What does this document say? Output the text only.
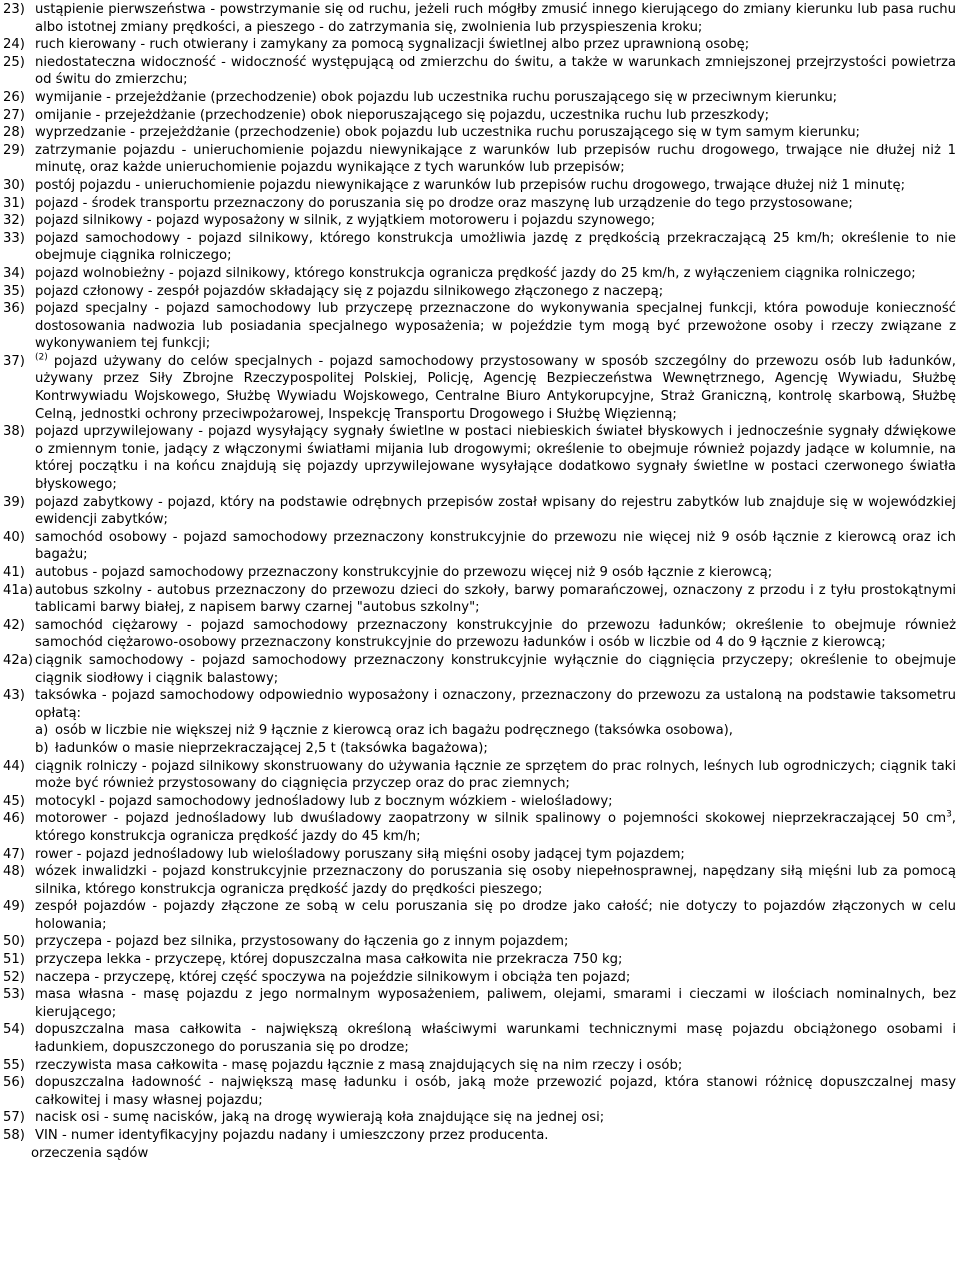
23) ustąpienie pierwszeństwa - powstrzymanie się od ruchu, jeżeli ruch mógłby zmusić innego kierującego do zmiany kierunku lub pasa ruchu albo istotnej zmiany prędkości, a pieszego - do zatrzymania się, zwolnienia lub przyspieszenia kroku;
24) ruch kierowany - ruch otwierany i zamykany za pomocą sygnalizacji świetlnej albo przez uprawnioną osobę;
25) niedostateczna widoczność - widoczność występującą od zmierzchu do świtu, a także w warunkach zmniejszonej przejrzystości powietrza od świtu do zmierzchu;
26) wymijanie - przejeżdżanie (przechodzenie) obok pojazdu lub uczestnika ruchu poruszającego się w przeciwnym kierunku;
27) omijanie - przejeżdżanie (przechodzenie) obok nieporuszającego się pojazdu, uczestnika ruchu lub przeszkody;
28) wyprzedzanie - przejeżdżanie (przechodzenie) obok pojazdu lub uczestnika ruchu poruszającego się w tym samym kierunku;
29) zatrzymanie pojazdu - unieruchomienie pojazdu niewynikające z warunków lub przepisów ruchu drogowego, trwające nie dłużej niż 1 minutę, oraz każde unieruchomienie pojazdu wynikające z tych warunków lub przepisów;
30) postój pojazdu - unieruchomienie pojazdu niewynikające z warunków lub przepisów ruchu drogowego, trwające dłużej niż 1 minutę;
31) pojazd - środek transportu przeznaczony do poruszania się po drodze oraz maszynę lub urządzenie do tego przystosowane;
32) pojazd silnikowy - pojazd wyposażony w silnik, z wyjątkiem motoroweru i pojazdu szynowego;
33) pojazd samochodowy - pojazd silnikowy, którego konstrukcja umożliwia jazdę z prędkością przekraczającą 25 km/h; określenie to nie obejmuje ciągnika rolniczego;
34) pojazd wolnobieżny - pojazd silnikowy, którego konstrukcja ogranicza prędkość jazdy do 25 km/h, z wyłączeniem ciągnika rolniczego;
35) pojazd członowy - zespół pojazdów składający się z pojazdu silnikowego złączonego z naczepą;
36) pojazd specjalny - pojazd samochodowy lub przyczepę przeznaczone do wykonywania specjalnej funkcji, która powoduje konieczność dostosowania nadwozia lub posiadania specjalnego wyposażenia; w pojeździe tym mogą być przewożone osoby i rzeczy związane z wykonywaniem tej funkcji;
37)	$^{(2)}$ pojazd używany do celów specjalnych - pojazd samochodowy przystosowany w sposób szczególny do przewozu osób lub ładunków, używany przez Siły Zbrojne Rzeczypospolitej Polskiej, Policję, Agencję Bezpieczeństwa Wewnętrznego, Agencję Wywiadu, Służbę Kontrwywiadu Wojskowego, Służbę Wywiadu Wojskowego, Centralne Biuro Antykorupcyjne, Straż Graniczną, kontrolę skarbową, Służbę Celną, jednostki ochrony przeciwpożarowej, Inspekcję Transportu Drogowego i Służbę Więzienną;
38) pojazd uprzywilejowany - pojazd wysyłający sygnały świetlne w postaci niebieskich świateł błyskowych i jednocześnie sygnały dźwiękowe o zmiennym tonie, jadący z włączonymi światłami mijania lub drogowymi; określenie to obejmuje również pojazdy jadące w kolumnie, na której początku i na końcu znajdują się pojazdy uprzywilejowane wysyłające dodatkowo sygnały świetlne w postaci czerwonego światła błyskowego;
39) pojazd zabytkowy - pojazd, który na podstawie odrębnych przepisów został wpisany do rejestru zabytków lub znajduje się w wojewódzkiej ewidencji zabytków;
40) samochód osobowy - pojazd samochodowy przeznaczony konstrukcyjnie do przewozu nie więcej niż 9 osób łącznie z kierowcą oraz ich bagażu;
41) autobus - pojazd samochodowy przeznaczony konstrukcyjnie do przewozu więcej niż 9 osób łącznie z kierowcą;
41a) autobus szkolny - autobus przeznaczony do przewozu dzieci do szkoły, barwy pomarańczowej, oznaczony z przodu i z tyłu prostokątnymi tablicami barwy białej, z napisem barwy czarnej "autobus szkolny";
42) samochód ciężarowy - pojazd samochodowy przeznaczony konstrukcyjnie do przewozu ładunków; określenie to obejmuje również samochód ciężarowo-osobowy przeznaczony konstrukcyjnie do przewozu ładunków i osób w liczbie od 4 do 9 łącznie z kierowcą;
42a) ciągnik samochodowy - pojazd samochodowy przeznaczony konstrukcyjnie wyłącznie do ciągnięcia przyczepy; określenie to obejmuje ciągnik siodłowy i ciągnik balastowy;
43) taksówka - pojazd samochodowy odpowiednio wyposażony i oznaczony, przeznaczony do przewozu za ustaloną na podstawie taksometru opłatą:
a) osób w liczbie nie większej niż 9 łącznie z kierowcą oraz ich bagażu podręcznego (taksówka osobowa),
b) ładunków o masie nieprzekraczającej 2,5 t (taksówka bagażowa);
44) ciągnik rolniczy - pojazd silnikowy skonstruowany do używania łącznie ze sprzętem do prac rolnych, leśnych lub ogrodniczych; ciągnik taki może być również przystosowany do ciągnięcia przyczep oraz do prac ziemnych;
45) motocykl - pojazd samochodowy jednośladowy lub z bocznym wózkiem - wielośladowy;
46) motorower - pojazd jednośladowy lub dwuśladowy zaopatrzony w silnik spalinowy o pojemności skokowej nieprzekraczającej 50 $cm^3$, którego konstrukcja ogranicza prędkość jazdy do 45 km/h;
47) rower - pojazd jednośladowy lub wielośladowy poruszany siłą mięśni osoby jadącej tym pojazdem;
48) wózek inwalidzki - pojazd konstrukcyjnie przeznaczony do poruszania się osoby niepełnosprawnej, napędzany siłą mięśni lub za pomocą silnika, którego konstrukcja ogranicza prędkość jazdy do prędkości pieszego;
49) zespół pojazdów - pojazdy złączone ze sobą w celu poruszania się po drodze jako całość; nie dotyczy to pojazdów złączonych w celu holowania;
50) przyczepa - pojazd bez silnika, przystosowany do łączenia go z innym pojazdem;
51) przyczepa lekka - przyczepę, której dopuszczalna masa całkowita nie przekracza 750 kg;
52) naczepa - przyczepę, której część spoczywa na pojeździe silnikowym i obciąża ten pojazd;
53) masa własna - masę pojazdu z jego normalnym wyposażeniem, paliwem, olejami, smarami i cieczami w ilościach nominalnych, bez kierującego;
54) dopuszczalna masa całkowita - największą określoną właściwymi warunkami technicznymi masę pojazdu obciążonego osobami i ładunkiem, dopuszczonego do poruszania się po drodze;
55) rzeczywista masa całkowita - masę pojazdu łącznie z masą znajdujących się na nim rzeczy i osób;
56) dopuszczalna ładowność - największą masę ładunku i osób, jaką może przewozić pojazd, która stanowi różnicę dopuszczalnej masy całkowitej i masy własnej pojazdu;
57) nacisk osi - sumę nacisków, jaką na drogę wywierają koła znajdujące się na jednej osi;
58) VIN - numer identyfikacyjny pojazdu nadany i umieszczony przez producenta.
orzeczenia sądów
